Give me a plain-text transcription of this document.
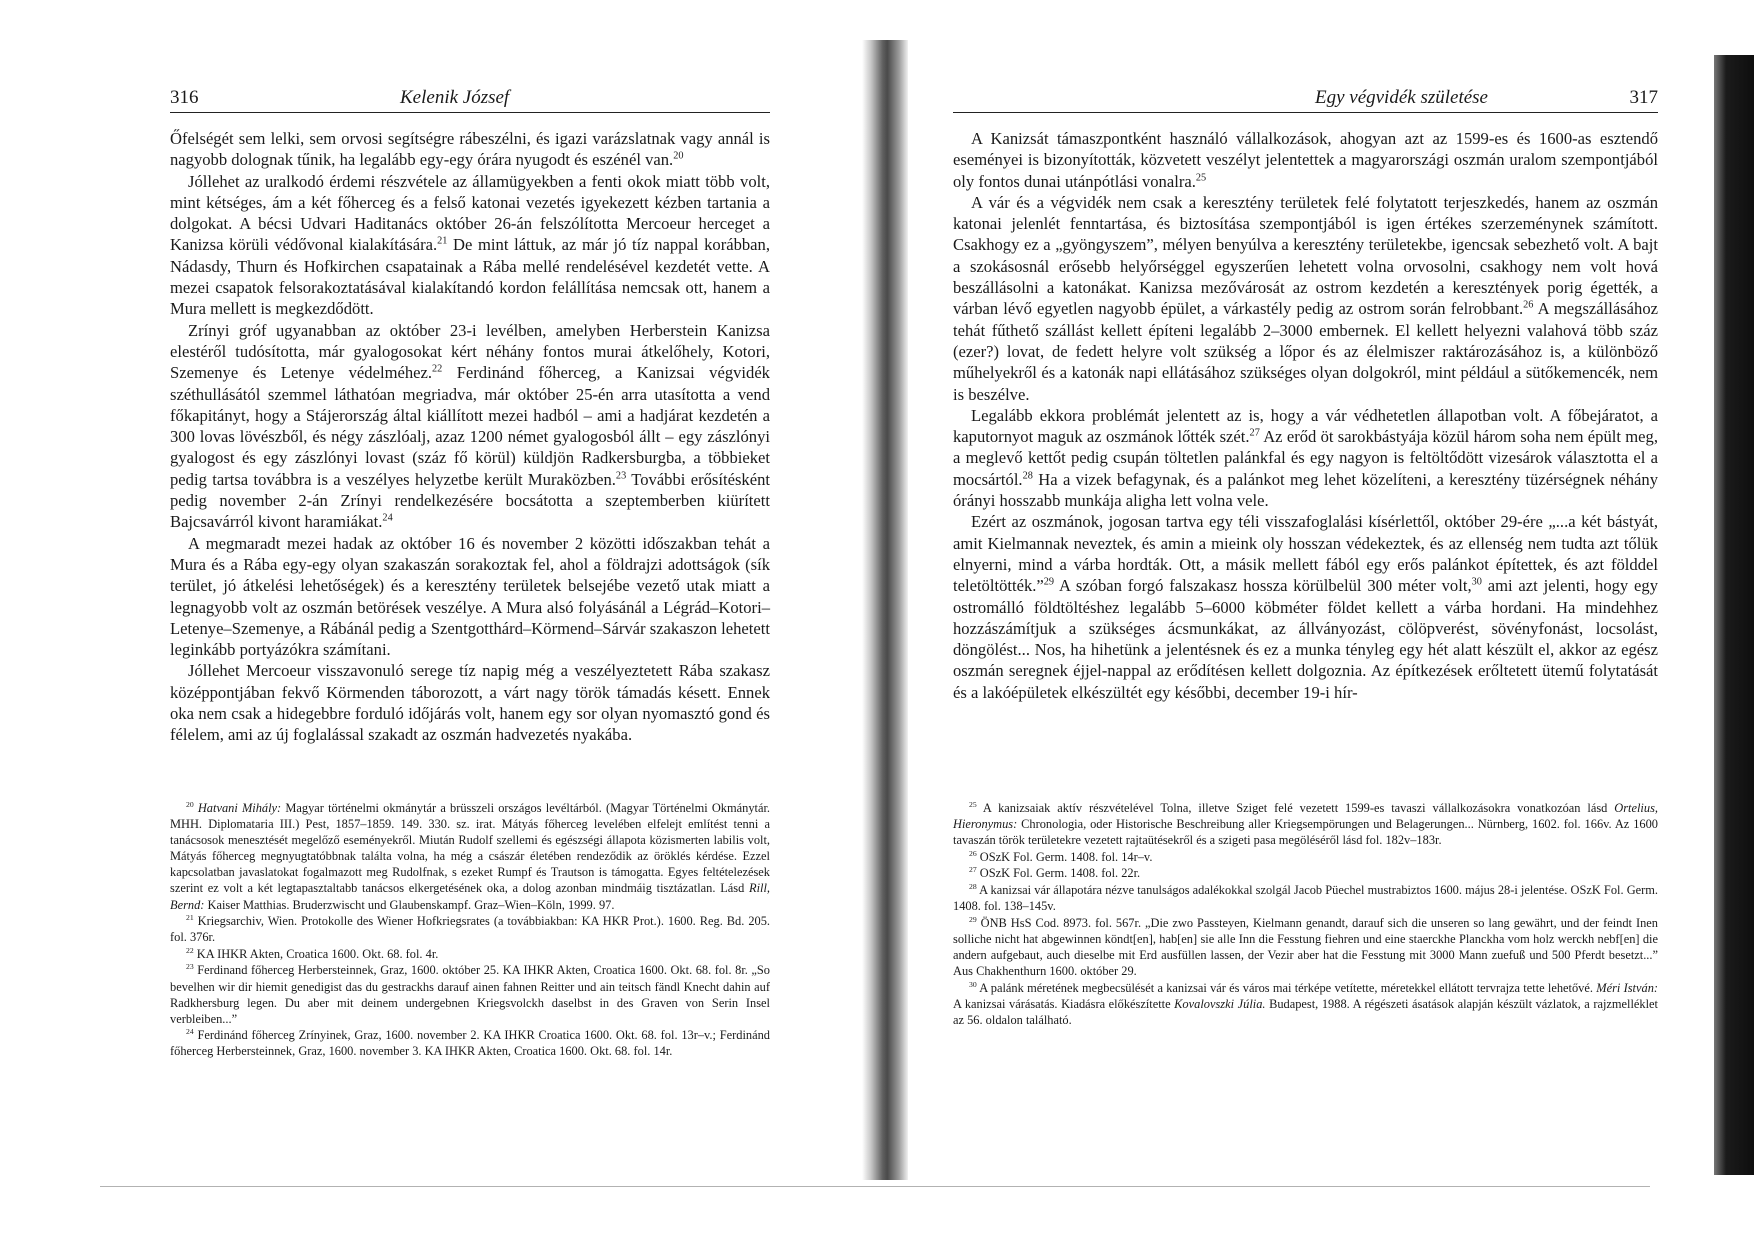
316	Kelenik József

Őfelségét sem lelki, sem orvosi segítségre rábeszélni, és igazi varázslatnak vagy annál is nagyobb dolognak tűnik, ha legalább egy-egy órára nyugodt és eszénél van.$^{20}$

Jóllehet az uralkodó érdemi részvétele az államügyekben a fenti okok miatt több volt, mint kétséges, ám a két főherceg és a felső katonai vezetés igyekezett kézben tartania a dolgokat. A bécsi Udvari Haditanács október 26-án felszólította Mercoeur herceget a Kanizsa körüli védővonal kialakítására.$^{21}$ De mint láttuk, az már jó tíz nappal korábban, Nádasdy, Thurn és Hofkirchen csapatainak a Rába mellé rendelésével kezdetét vette. A mezei csapatok felsorakoztatásával kialakítandó kordon felállítása nemcsak ott, hanem a Mura mellett is megkezdődött.

Zrínyi gróf ugyanabban az október 23-i levélben, amelyben Herberstein Kanizsa elestéről tudósította, már gyalogosokat kért néhány fontos murai átkelőhely, Kotori, Szemenye és Letenye védelméhez.$^{22}$ Ferdinánd főherceg, a Kanizsai végvidék széthullásától szemmel láthatóan megriadva, már október 25-én arra utasította a vend főkapitányt, hogy a Stájerország által kiállított mezei hadból – ami a hadjárat kezdetén a 300 lovas lövészből, és négy zászlóalj, azaz 1200 német gyalogosból állt – egy zászlónyi gyalogost és egy zászlónyi lovast (száz fő körül) küldjön Radkersburgba, a többieket pedig tartsa továbbra is a veszélyes helyzetbe került Muraközben.$^{23}$ További erősítésként pedig november 2-án Zrínyi rendelkezésére bocsátotta a szeptemberben kiürített Bajcsavárról kivont haramiákat.$^{24}$

A megmaradt mezei hadak az október 16 és november 2 közötti időszakban tehát a Mura és a Rába egy-egy olyan szakaszán sorakoztak fel, ahol a földrajzi adottságok (sík terület, jó átkelési lehetőségek) és a keresztény területek belsejébe vezető utak miatt a legnagyobb volt az oszmán betörések veszélye. A Mura alsó folyásánál a Légrád–Kotori–Letenye–Szemenye, a Rábánál pedig a Szentgotthárd–Körmend–Sárvár szakaszon lehetett leginkább portyázókra számítani.

Jóllehet Mercoeur visszavonuló serege tíz napig még a veszélyeztetett Rába szakasz középpontjában fekvő Körmenden táborozott, a várt nagy török támadás késett. Ennek oka nem csak a hidegebbre forduló időjárás volt, hanem egy sor olyan nyomasztó gond és félelem, ami az új foglalással szakadt az oszmán hadvezetés nyakába.

$^{20}$ Hatvani Mihály: Magyar történelmi okmánytár a brüsszeli országos levéltárból. (Magyar Történelmi Okmánytár. MHH. Diplomataria III.) Pest, 1857–1859. 149. 330. sz. irat. Mátyás főherceg levelében elfelejt említést tenni a tanácsosok menesztését megelőző eseményekről. Miután Rudolf szellemi és egészségi állapota közismerten labilis volt, Mátyás főherceg megnyugtatóbbnak találta volna, ha még a császár életében rendeződik az öröklés kérdése. Ezzel kapcsolatban javaslatokat fogalmazott meg Rudolfnak, s ezeket Rumpf és Trautson is támogatta. Egyes feltételezések szerint ez volt a két legtapasztaltabb tanácsos elkergetésének oka, a dolog azonban mindmáig tisztázatlan. Lásd Rill, Bernd: Kaiser Matthias. Bruderzwischt und Glaubenskampf. Graz–Wien–Köln, 1999. 97.

$^{21}$ Kriegsarchiv, Wien. Protokolle des Wiener Hofkriegsrates (a továbbiakban: KA HKR Prot.). 1600. Reg. Bd. 205. fol. 376r.

$^{22}$ KA IHKR Akten, Croatica 1600. Okt. 68. fol. 4r.

$^{23}$ Ferdinand főherceg Herbersteinnek, Graz, 1600. október 25. KA IHKR Akten, Croatica 1600. Okt. 68. fol. 8r. „So bevelhen wir dir hiemit genedigist das du gestrackhs darauf ainen fahnen Reitter und ain teitsch fändl Knecht dahin auf Radkhersburg legen. Du aber mit deinem undergebnen Kriegsvolckh daselbst in des Graven von Serin Insel verbleiben...”

$^{24}$ Ferdinánd főherceg Zrínyinek, Graz, 1600. november 2. KA IHKR Croatica 1600. Okt. 68. fol. 13r–v.; Ferdinánd főherceg Herbersteinnek, Graz, 1600. november 3. KA IHKR Akten, Croatica 1600. Okt. 68. fol. 14r.

Egy végvidék születése	317

A Kanizsát támaszpontként használó vállalkozások, ahogyan azt az 1599-es és 1600-as esztendő eseményei is bizonyították, közvetett veszélyt jelentettek a magyarországi oszmán uralom szempontjából oly fontos dunai utánpótlási vonalra.$^{25}$

A vár és a végvidék nem csak a keresztény területek felé folytatott terjeszkedés, hanem az oszmán katonai jelenlét fenntartása, és biztosítása szempontjából is igen értékes szerzeménynek számított. Csakhogy ez a „gyöngyszem”, mélyen benyúlva a keresztény területekbe, igencsak sebezhető volt. A bajt a szokásosnál erősebb helyőrséggel egyszerűen lehetett volna orvosolni, csakhogy nem volt hová beszállásolni a katonákat. Kanizsa mezővárosát az ostrom kezdetén a keresztények porig égették, a várban lévő egyetlen nagyobb épület, a várkastély pedig az ostrom során felrobbant.$^{26}$ A megszállásához tehát fűthető szállást kellett építeni legalább 2–3000 embernek. El kellett helyezni valahová több száz (ezer?) lovat, de fedett helyre volt szükség a lőpor és az élelmiszer raktározásához is, a különböző műhelyekről és a katonák napi ellátásához szükséges olyan dolgokról, mint például a sütőkemencék, nem is beszélve.

Legalább ekkora problémát jelentett az is, hogy a vár védhetetlen állapotban volt. A főbejáratot, a kaputornyot maguk az oszmánok lőtték szét.$^{27}$ Az erőd öt sarokbástyája közül három soha nem épült meg, a meglevő kettőt pedig csupán töltetlen palánkfal és egy nagyon is feltöltődött vizesárok választotta el a mocsártól.$^{28}$ Ha a vizek befagynak, és a palánkot meg lehet közelíteni, a keresztény tüzérségnek néhány órányi hosszabb munkája aligha lett volna vele.

Ezért az oszmánok, jogosan tartva egy téli visszafoglalási kísérlettől, október 29-ére „...a két bástyát, amit Kielmannak neveztek, és amin a mieink oly hosszan védekeztek, és az ellenség nem tudta azt tőlük elnyerni, mind a várba hordták. Ott, a másik mellett fából egy erős palánkot építettek, és azt földdel teletöltötték.”$^{29}$ A szóban forgó falszakasz hossza körülbelül 300 méter volt,$^{30}$ ami azt jelenti, hogy egy ostromálló földtöltéshez legalább 5–6000 köbméter földet kellett a várba hordani. Ha mindehhez hozzászámítjuk a szükséges ácsmunkákat, az állványozást, cölöpverést, sövényfonást, locsolást, döngölést... Nos, ha hihetünk a jelentésnek és ez a munka tényleg egy hét alatt készült el, akkor az egész oszmán seregnek éjjel-nappal az erődítésen kellett dolgoznia. Az építkezések erőltetett ütemű folytatását és a lakóépületek elkészültét egy későbbi, december 19-i hír-

$^{25}$ A kanizsaiak aktív részvételével Tolna, illetve Sziget felé vezetett 1599-es tavaszi vállalkozásokra vonatkozóan lásd Ortelius, Hieronymus: Chronologia, oder Historische Beschreibung aller Kriegsempörungen und Belagerungen... Nürnberg, 1602. fol. 166v. Az 1600 tavaszán török területekre vezetett rajtaütésekről és a szigeti pasa megöléséről lásd fol. 182v–183r.

$^{26}$ OSzK Fol. Germ. 1408. fol. 14r–v.

$^{27}$ OSzK Fol. Germ. 1408. fol. 22r.

$^{28}$ A kanizsai vár állapotára nézve tanulságos adalékokkal szolgál Jacob Püechel mustrabiztos 1600. május 28-i jelentése. OSzK Fol. Germ. 1408. fol. 138–145v.

$^{29}$ ÖNB HsS Cod. 8973. fol. 567r. „Die zwo Passteyen, Kielmann genandt, darauf sich die unseren so lang gewährt, und der feindt Inen solliche nicht hat abgewinnen köndt[en], hab[en] sie alle Inn die Fesstung fiehren und eine staerckhe Planckha vom holz werckh nebf[en] die andern aufgebaut, auch dieselbe mit Erd ausfüllen lassen, der Vezir aber hat die Fesstung mit 3000 Mann zuefuß und 500 Pferdt besetzt...” Aus Chakhenthurn 1600. október 29.

$^{30}$ A palánk méretének megbecsülését a kanizsai vár és város mai térképe vetítette, méretekkel ellátott tervrajza tette lehetővé. Méri István: A kanizsai várásatás. Kiadásra előkészítette Kovalovszki Júlia. Budapest, 1988. A régészeti ásatások alapján készült vázlatok, a rajzmelléklet az 56. oldalon található.
